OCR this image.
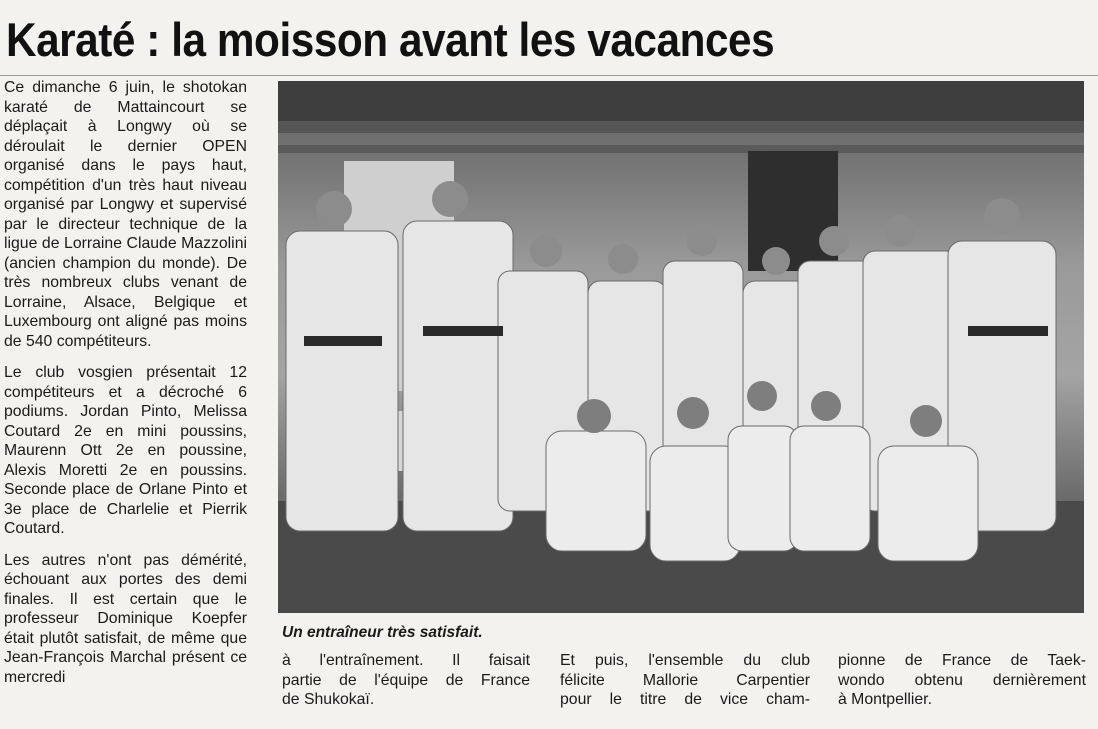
Karaté : la moisson avant les vacances

Ce dimanche 6 juin, le shotokan karaté de Mattaincourt se déplaçait à Longwy où se déroulait le dernier OPEN organisé dans le pays haut, compétition d'un très haut niveau organisé par Longwy et supervisé par le directeur technique de la ligue de Lorraine Claude Mazzolini (ancien champion du monde). De très nombreux clubs venant de Lorraine, Alsace, Belgique et Luxembourg ont aligné pas moins de 540 compétiteurs.

Le club vosgien présentait 12 compétiteurs et a décroché 6 podiums. Jordan Pinto, Melissa Coutard 2e en mini poussins, Maurenn Ott 2e en poussine, Alexis Moretti 2e en poussins. Seconde place de Orlane Pinto et 3e place de Charlelie et Pierrik Coutard.

Les autres n'ont pas démérité, échouant aux portes des demi finales. Il est certain que le professeur Dominique Koepfer était plutôt satisfait, de même que Jean-François Marchal présent ce mercredi

Un entraîneur très satisfait.
à l'entraînement. Il faisait
partie de l'équipe de France
de Shukokaï.
Et puis, l'ensemble du club
félicite Mallorie Carpentier
pour le titre de vice cham-
pionne de France de Taek-
wondo obtenu dernièrement
à Montpellier.
